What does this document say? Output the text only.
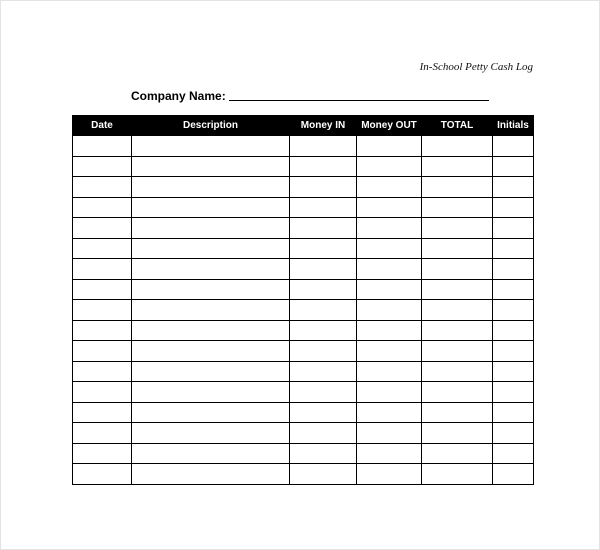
In-School Petty Cash Log
Company Name:
Date	Description	Money IN	Money OUT	TOTAL	Initials
